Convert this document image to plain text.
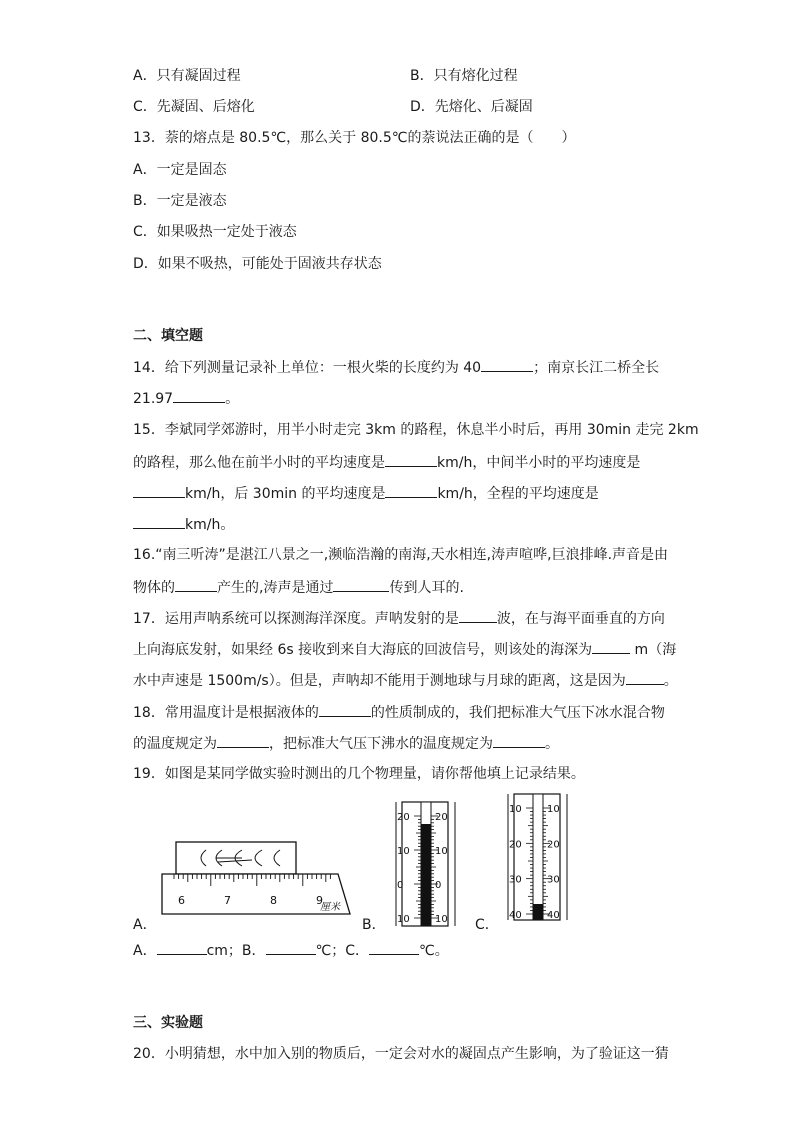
A．只有凝固过程	B．只有熔化过程
C．先凝固、后熔化	D．先熔化、后凝固
13．萘的熔点是 80.5℃，那么关于 80.5℃的萘说法正确的是（　　）
A．一定是固态
B．一定是液态
C．如果吸热一定处于液态
D．如果不吸热，可能处于固液共存状态
二、填空题
14．给下列测量记录补上单位：一根火柴的长度约为 40	；南京长江二桥全长
21.97	。
15．李斌同学郊游时，用半小时走完 3km 的路程，休息半小时后，再用 30min 走完 2km
的路程，那么他在前半小时的平均速度是	km/h，中间半小时的平均速度是
km/h，后 30min 的平均速度是	km/h，全程的平均速度是
km/h。
16.“南三听涛”是湛江八景之一,濒临浩瀚的南海,天水相连,涛声喧哗,巨浪排峰.声音是由
物体的	产生的,涛声是通过	传到人耳的.
17．运用声呐系统可以探测海洋深度。声呐发射的是	波，在与海平面垂直的方向
上向海底发射，如果经 6s 接收到来自大海底的回波信号，则该处的海深为	m（海
水中声速是 1500m/s）。但是，声呐却不能用于测地球与月球的距离，这是因为	。
18．常用温度计是根据液体的	的性质制成的，我们把标准大气压下冰水混合物
的温度规定为	，把标准大气压下沸水的温度规定为	。
19．如图是某同学做实验时测出的几个物理量，请你帮他填上记录结果。
A．
6	7	8	9
厘米
B．
20	20
10	10
0	0
10	10 C．
10	10
20	20
30	30
40	40
A．	cm；B．	℃；C．	℃。
三、实验题
20．小明猜想，水中加入别的物质后，一定会对水的凝固点产生影响，为了验证这一猜
